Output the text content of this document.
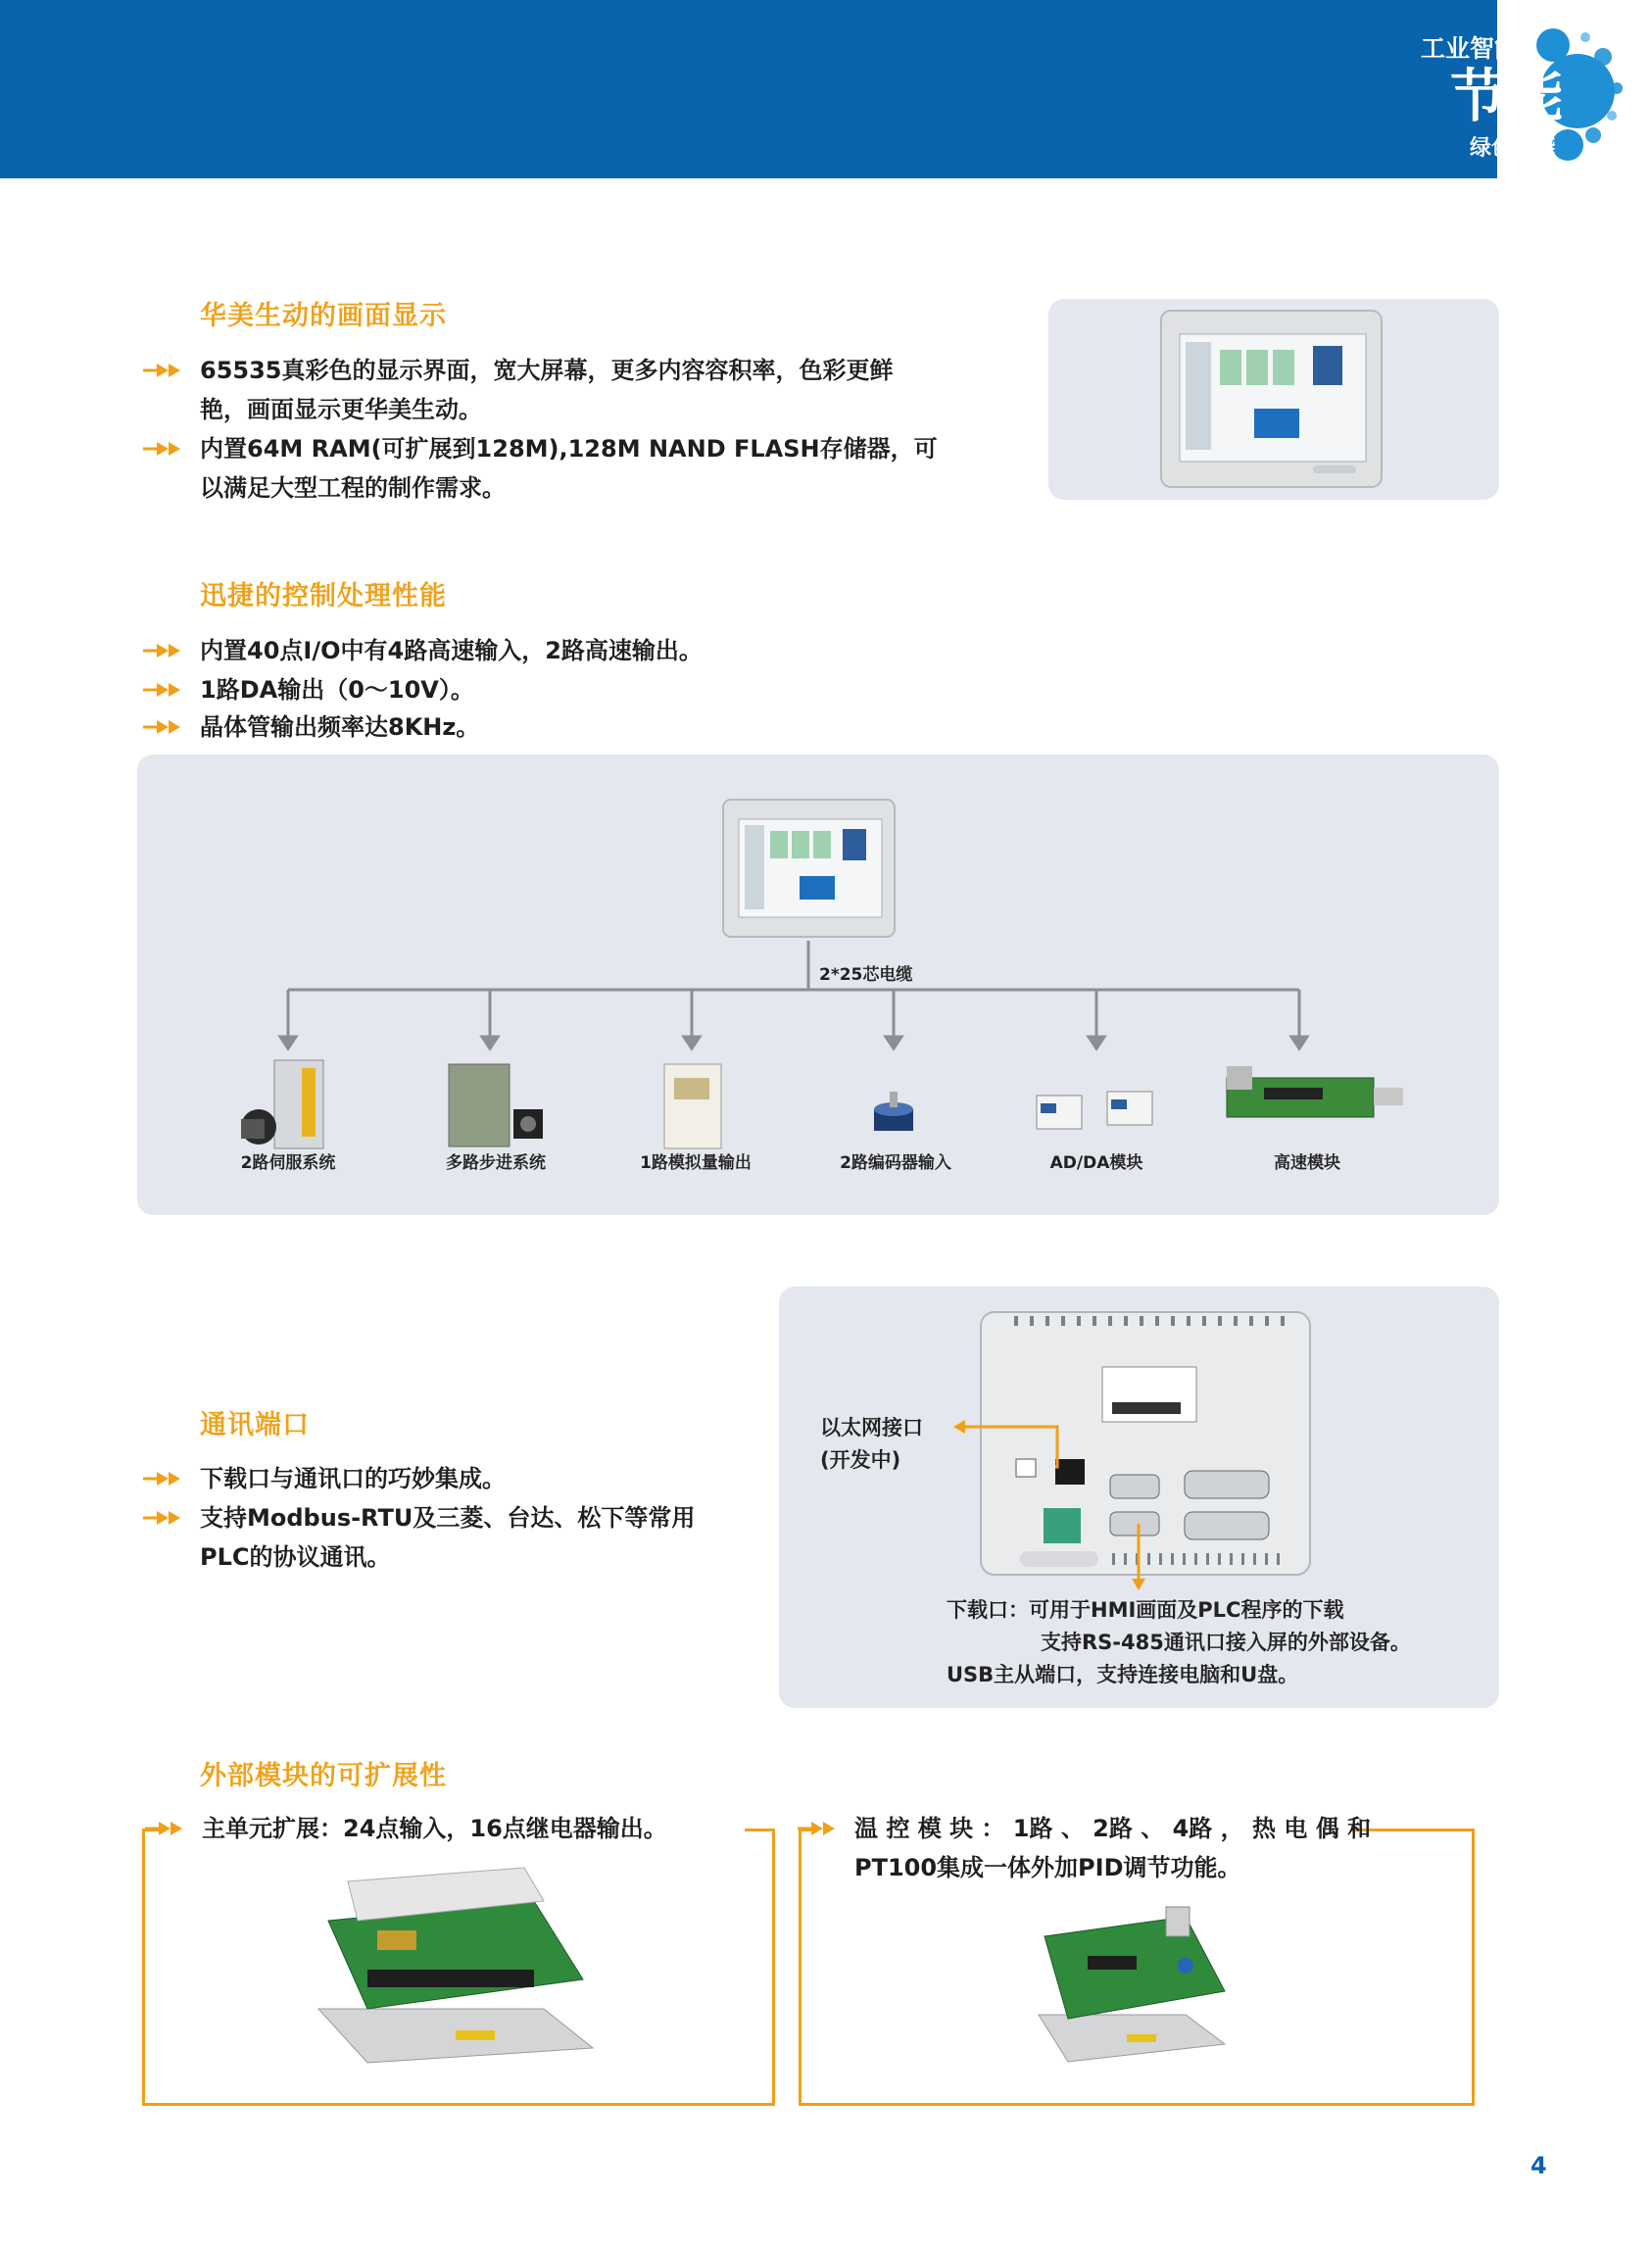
工业智能
节能
绿色电能
华美生动的画面显示
65535真彩色的显示界面，宽大屏幕，更多内容容积率，色彩更鲜
艳，画面显示更华美生动。
内置64M RAM(可扩展到128M),128M NAND FLASH存储器，可
以满足大型工程的制作需求。
迅捷的控制处理性能
内置40点I/O中有4路高速输入，2路高速输出。
1路DA输出（0～10V）。
晶体管输出频率达8KHz。
2*25芯电缆
2路伺服系统	多路步进系统	1路模拟量输出	2路编码器输入	AD/DA模块	高速模块
通讯端口
下载口与通讯口的巧妙集成。
支持Modbus-RTU及三菱、台达、松下等常用
PLC的协议通讯。
以太网接口
(开发中)
下载口：可用于HMI画面及PLC程序的下载
支持RS-485通讯口接入屏的外部设备。
USB主从端口，支持连接电脑和U盘。
外部模块的可扩展性
主单元扩展：24点输入，16点继电器输出。	温 控 模 块 ： 1路 、 2路 、 4路 ， 热 电 偶 和
PT100集成一体外加PID调节功能。
4
